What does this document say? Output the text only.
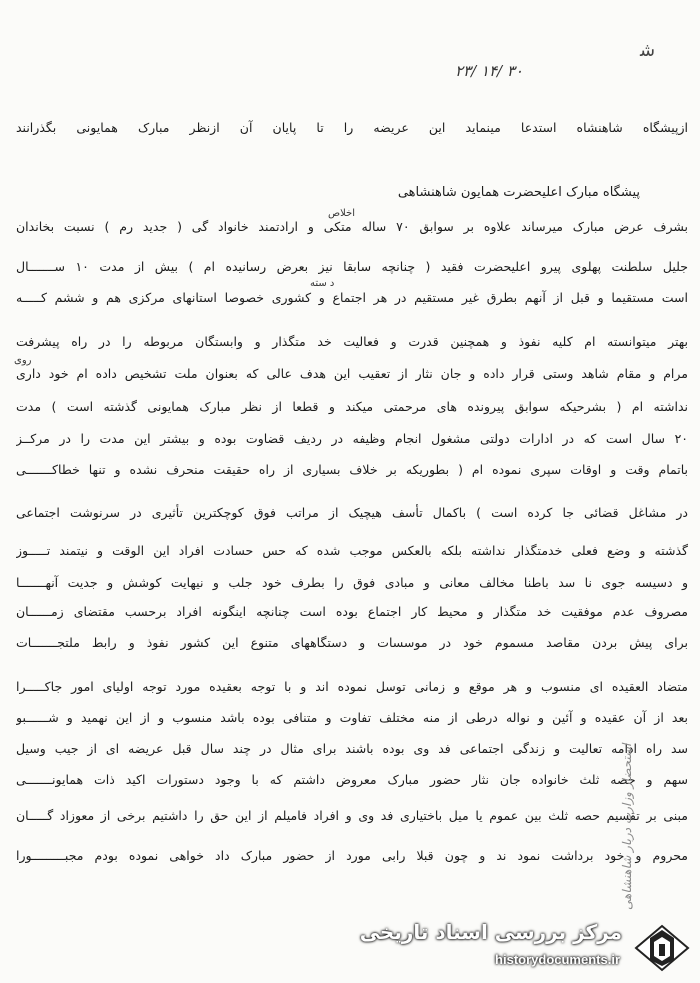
ﺷ
۲۳/ ۱۴/ ۳۰
ازپیشگاه شاهنشاه استدعا مینماید این عریضه را تا پایان آن ازنظر مبارک همایونی بگذرانند
پیشگاه مبارک اعلیحضرت همایون شاهنشاهی
اخلاص
د سته
روی
بشرف عرض مبارک میرساند علاوه بر سوابق ۷۰ ساله متکی و ارادتمند خانواد گی ( جدید رم ) نسبت بخاندان
جلیل سلطنت پهلوی پیرو اعلیحضرت فقید ( چنانچه سابقا نیز بعرض رسانیده ام ) بیش از مدت ۱۰ ســـــــال
است مستقیما و قبل از آنهم بطرق غیر مستقیم در هر اجتماع و کشوری خصوصا استانهای مرکزی هم و ششم کـــــه
بهتر میتوانسته ام کلیه نفوذ و همچنین قدرت و فعالیت خد متگذار و وابستگان مربوطه را در راه پیشرفت
مرام و مقام شاهد وستی قرار داده و جان نثار از تعقیب این هدف عالی که بعنوان ملت تشخیص داده ام خود داری
نداشته ام ( بشرحیکه سوابق پیرونده های مرحمتی میکند و قطعا از نظر مبارک همایونی گذشته است ) مدت
۲۰ سال است که در ادارات دولتی مشغول انجام وظیفه در ردیف قضاوت بوده و بیشتر این مدت را در مرکــز
باتمام وقت و اوقات سپری نموده ام ( بطوریکه بر خلاف بسیاری از راه حقیقت منحرف نشده و تنها خطاکـــــــی
در مشاغل قضائی جا کرده است ) باکمال تأسف هیچیک از مراتب فوق کوچکترین تأثیری در سرنوشت اجتماعی
گذشته و وضع فعلی خدمتگذار نداشته بلکه بالعکس موجب شده که حس حسادت افراد این الوقت و نیتمند تـــــوز
و دسیسه جوی نا سد باطنا مخالف معانی و مبادی فوق را بطرف خود جلب و نیهایت کوشش و جدیت آنهـــــــا
مصروف عدم موفقیت خد متگذار و محیط کار اجتماع بوده است چنانچه اینگونه افراد برحسب مقتضای زمــــــان
برای پیش بردن مقاصد مسموم خود در موسسات و دستگاههای متنوع این کشور نفوذ و رابط ملتجـــــــات
متضاد العقیده ای منسوب و هر موقع و زمانی توسل نموده اند و با توجه بعقیده مورد توجه اولیای امور جاکـــــرا
بعد از آن عقیده و آئین و نواله درطی از منه مختلف تفاوت و متنافی بوده باشد منسوب و از این نهمید و شــــــبو
سد راه ادامه تعالیت و زندگی اجتماعی فد وی بوده باشند برای مثال در چند سال قبل عریضه ای از جیب وسیل
سهم و حصه ثلث خانواده جان نثار حضور مبارک معروض داشتم که با وجود دستورات اکید ذات همایونـــــــی
مبنی بر تقسیم حصه ثلث بین عموم یا میل باختیاری فد وی و افراد فامیلم از این حق را داشتیم برخی از معوزاد گـــــان
محروم و خود برداشت نمود ند و چون قبلا رابی مورد از حضور مبارک داد خواهی نموده بودم مجبـــــــــورا
استحضار وزارت دربار شاهنشاهی
مرکز بررسی اسناد تاریخی
historydocuments.ir
